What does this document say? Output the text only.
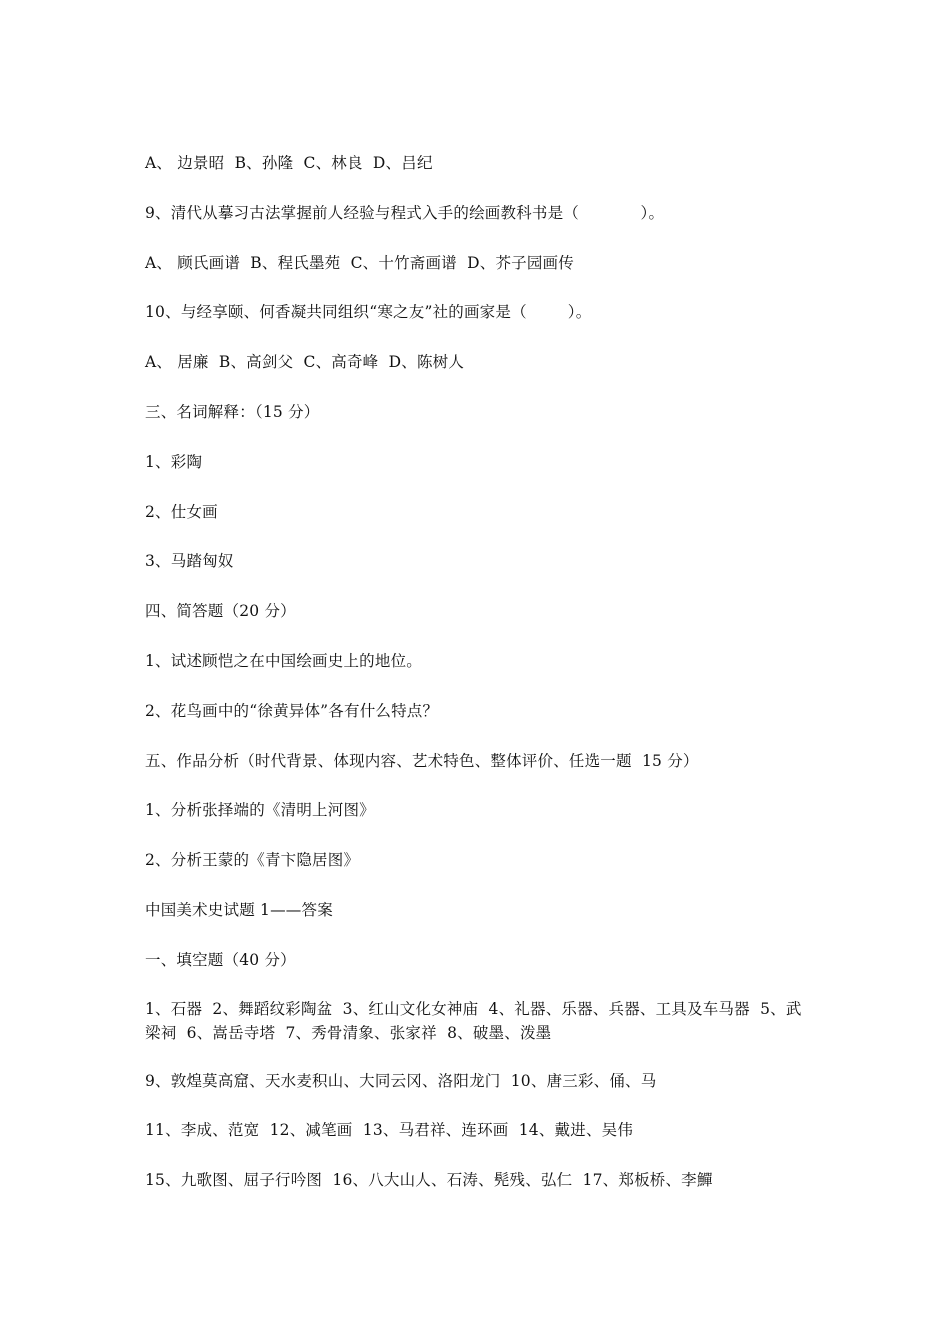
A、 边景昭  B、孙隆  C、林良  D、吕纪

9、清代从摹习古法掌握前人经验与程式入手的绘画教科书是（            ）。

A、 顾氏画谱  B、程氏墨苑  C、十竹斋画谱  D、芥子园画传

10、与经享颐、何香凝共同组织“寒之友”社的画家是（        ）。

A、 居廉  B、高剑父  C、高奇峰  D、陈树人

三、名词解释：（15 分）

1、彩陶

2、仕女画

3、马踏匈奴

四、简答题（20 分）

1、试述顾恺之在中国绘画史上的地位。

2、花鸟画中的“徐黄异体”各有什么特点？

五、作品分析（时代背景、体现内容、艺术特色、整体评价、任选一题  15 分）

1、分析张择端的《清明上河图》

2、分析王蒙的《青卞隐居图》

中国美术史试题 1——答案

一、填空题（40 分）

1、石器  2、舞蹈纹彩陶盆  3、红山文化女神庙  4、礼器、乐器、兵器、工具及车马器  5、武梁祠  6、嵩岳寺塔  7、秀骨清象、张家祥  8、破墨、泼墨

9、敦煌莫高窟、天水麦积山、大同云冈、洛阳龙门  10、唐三彩、俑、马

11、李成、范宽  12、减笔画  13、马君祥、连环画  14、戴进、吴伟

15、九歌图、屈子行吟图  16、八大山人、石涛、髡残、弘仁  17、郑板桥、李鱓
